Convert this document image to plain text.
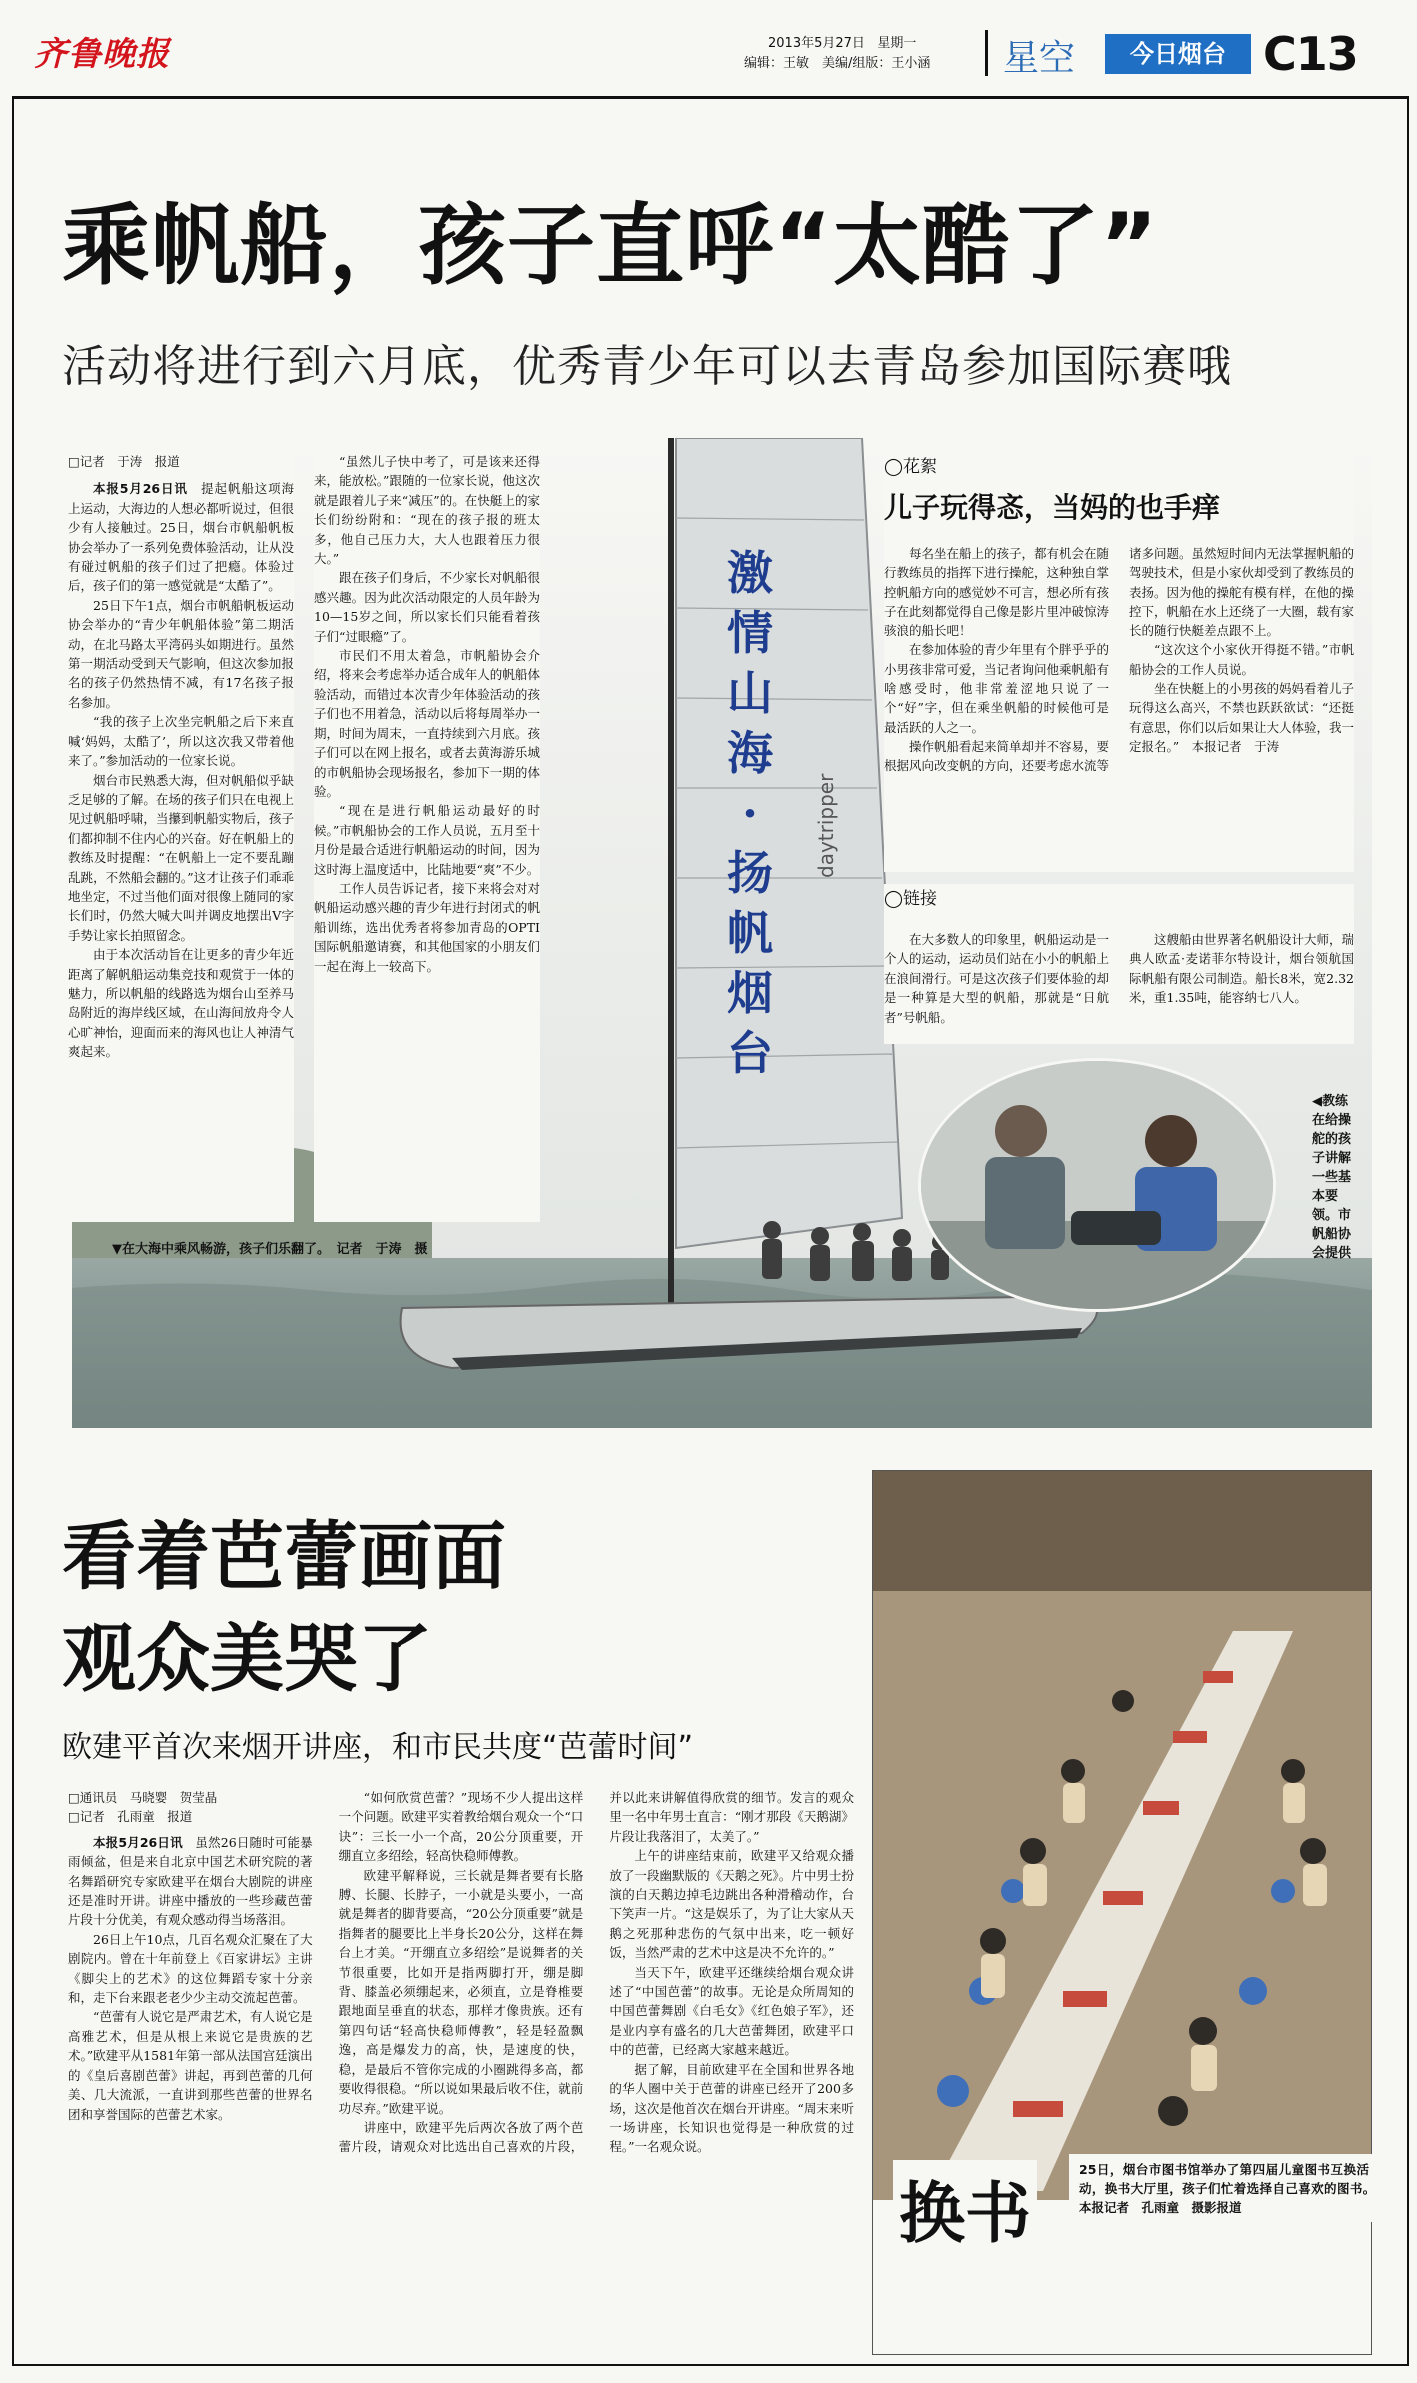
齐鲁晚报	2013年5月27日 星期一
编辑：王敏　美编/组版：王小涵 星空	今日烟台 C13
乘帆船，孩子直呼“太酷了”
活动将进行到六月底，优秀青少年可以去青岛参加国际赛哦
激情山海·扬帆烟台
daytripper

□记者　于涛　报道

本报5月26日讯　 提起帆船这项海上运动，大海边的人想必都听说过，但很少有人接触过。25日，烟台市帆船帆板协会举办了一系列免费体验活动，让从没有碰过帆船的孩子们过了把瘾。体验过后，孩子们的第一感觉就是“太酷了”。

25日下午1点，烟台市帆船帆板运动协会举办的“青少年帆船体验”第二期活动，在北马路太平湾码头如期进行。虽然第一期活动受到天气影响，但这次参加报名的孩子仍然热情不减，有17名孩子报名参加。

“我的孩子上次坐完帆船之后下来直喊‘妈妈，太酷了’，所以这次我又带着他来了。”参加活动的一位家长说。

烟台市民熟悉大海，但对帆船似乎缺乏足够的了解。在场的孩子们只在电视上见过帆船呼啸，当攥到帆船实物后，孩子们都抑制不住内心的兴奋。好在帆船上的教练及时提醒：“在帆船上一定不要乱蹦乱跳，不然船会翻的。”这才让孩子们乖乖地坐定，不过当他们面对很像上随同的家长们时，仍然大喊大叫并调皮地摆出V字手势让家长拍照留念。

由于本次活动旨在让更多的青少年近距离了解帆船运动集竞技和观赏于一体的魅力，所以帆船的线路选为烟台山至养马岛附近的海岸线区域，在山海间放舟令人心旷神怡，迎面而来的海风也让人神清气爽起来。

“虽然儿子快中考了，可是该来还得来，能放松。”跟随的一位家长说，他这次就是跟着儿子来“减压”的。在快艇上的家长们纷纷附和：“现在的孩子报的班太多，他自己压力大，大人也跟着压力很大。”

跟在孩子们身后，不少家长对帆船很感兴趣。因为此次活动限定的人员年龄为10—15岁之间，所以家长们只能看着孩子们“过眼瘾”了。

市民们不用太着急，市帆船协会介绍，将来会考虑举办适合成年人的帆船体验活动，而错过本次青少年体验活动的孩子们也不用着急，活动以后将每周举办一期，时间为周末，一直持续到六月底。孩子们可以在网上报名，或者去黄海游乐城的市帆船协会现场报名，参加下一期的体验。

“现在是进行帆船运动最好的时候。”市帆船协会的工作人员说，五月至十月份是最合适进行帆船运动的时间，因为这时海上温度适中，比陆地要“爽”不少。

工作人员告诉记者，接下来将会对对帆船运动感兴趣的青少年进行封闭式的帆船训练，选出优秀者将参加青岛的OPTI国际帆船邀请赛，和其他国家的小朋友们一起在海上一较高下。

▼在大海中乘风畅游，孩子们乐翻了。　记者　于涛　摄
◯花絮
儿子玩得忞，当妈的也手痒

每名坐在船上的孩子，都有机会在随行教练员的指挥下进行操舵，这种独自掌控帆船方向的感觉妙不可言，想必所有孩子在此刻都觉得自己像是影片里冲破惊涛骇浪的船长吧！

在参加体验的青少年里有个胖乎乎的小男孩非常可爱，当记者询问他乘帆船有啥感受时，他非常羞涩地只说了一个“好”字，但在乘坐帆船的时候他可是最活跃的人之一。

操作帆船看起来简单却并不容易，要根据风向改变帆的方向，还要考虑水流等诸多问题。虽然短时间内无法掌握帆船的驾驶技术，但是小家伙却受到了教练员的表扬。因为他的操舵有模有样，在他的操控下，帆船在水上还绕了一大圈，载有家长的随行快艇差点跟不上。

“这次这个小家伙开得挺不错。”市帆船协会的工作人员说。

坐在快艇上的小男孩的妈妈看着儿子玩得这么高兴，不禁也跃跃欲试：“还挺有意思，你们以后如果让大人体验，我一定报名。”　本报记者　于涛

◯链接

在大多数人的印象里，帆船运动是一个人的运动，运动员们站在小小的帆船上在浪间滑行。可是这次孩子们要体验的却是一种算是大型的帆船，那就是“日航者”号帆船。

这艘船由世界著名帆船设计大师，瑞典人欧孟·麦诺菲尔特设计，烟台领航国际帆船有限公司制造。船长8米，宽2.32米，重1.35吨，能容纳七八人。

◀教练在给操舵的孩子讲解一些基本要领。市帆船协会提供
看着芭蕾画面
观众美哭了
欧建平首次来烟开讲座，和市民共度“芭蕾时间”

□通讯员　马晓婴　贺莹晶

□记者　孔雨童　报道

本报5月26日讯　 虽然26日随时可能暴雨倾盆，但是来自北京中国艺术研究院的著名舞蹈研究专家欧建平在烟台大剧院的讲座还是准时开讲。讲座中播放的一些珍藏芭蕾片段十分优美，有观众感动得当场落泪。

26日上午10点，几百名观众汇聚在了大剧院内。曾在十年前登上《百家讲坛》主讲《脚尖上的艺术》的这位舞蹈专家十分亲和，走下台来跟老老少少主动交流起芭蕾。

“芭蕾有人说它是严肃艺术，有人说它是高雅艺术，但是从根上来说它是贵族的艺术。”欧建平从1581年第一部从法国宫廷演出的《皇后喜剧芭蕾》讲起，再到芭蕾的几何美、几大流派，一直讲到那些芭蕾的世界名团和享誉国际的芭蕾艺术家。

“如何欣赏芭蕾？”现场不少人提出这样一个问题。欧建平实着教给烟台观众一个“口诀”：三长一小一个高，20公分顶重要，开绷直立多绍绘，轻高快稳师傅教。

欧建平解释说，三长就是舞者要有长胳膊、长腿、长脖子，一小就是头要小，一高就是舞者的脚背要高，“20公分顶重要”就是指舞者的腿要比上半身长20公分，这样在舞台上才美。“开绷直立多绍绘”是说舞者的关节很重要，比如开是指两脚打开，绷是脚背、膝盖必须绷起来，必须直，立是脊椎要跟地面呈垂直的状态，那样才像贵族。还有第四句话“轻高快稳师傅教”，轻是轻盈飘逸，高是爆发力的高，快，是速度的快，稳，是最后不管你完成的小圈跳得多高，都要收得很稳。“所以说如果最后收不住，就前功尽弃。”欧建平说。

讲座中，欧建平先后两次各放了两个芭蕾片段，请观众对比选出自己喜欢的片段，并以此来讲解值得欣赏的细节。发言的观众里一名中年男士直言：“刚才那段《天鹅湖》片段让我落泪了，太美了。”

上午的讲座结束前，欧建平又给观众播放了一段幽默版的《天鹅之死》。片中男士扮演的白天鹅边掉毛边跳出各种滑稽动作，台下笑声一片。“这是娱乐了，为了让大家从天鹅之死那种悲伤的气氛中出来，吃一顿好饭，当然严肃的艺术中这是决不允许的。”

当天下午，欧建平还继续给烟台观众讲述了“中国芭蕾”的故事。无论是众所周知的中国芭蕾舞剧《白毛女》《红色娘子军》，还是业内享有盛名的几大芭蕾舞团，欧建平口中的芭蕾，已经离大家越来越近。

据了解，目前欧建平在全国和世界各地的华人圈中关于芭蕾的讲座已经开了200多场，这次是他首次在烟台开讲座。“周末来听一场讲座，长知识也觉得是一种欣赏的过程。”一名观众说。

换书
25日，烟台市图书馆举办了第四届儿童图书互换活动，换书大厅里，孩子们忙着选择自己喜欢的图书。　本报记者　孔雨童　摄影报道
